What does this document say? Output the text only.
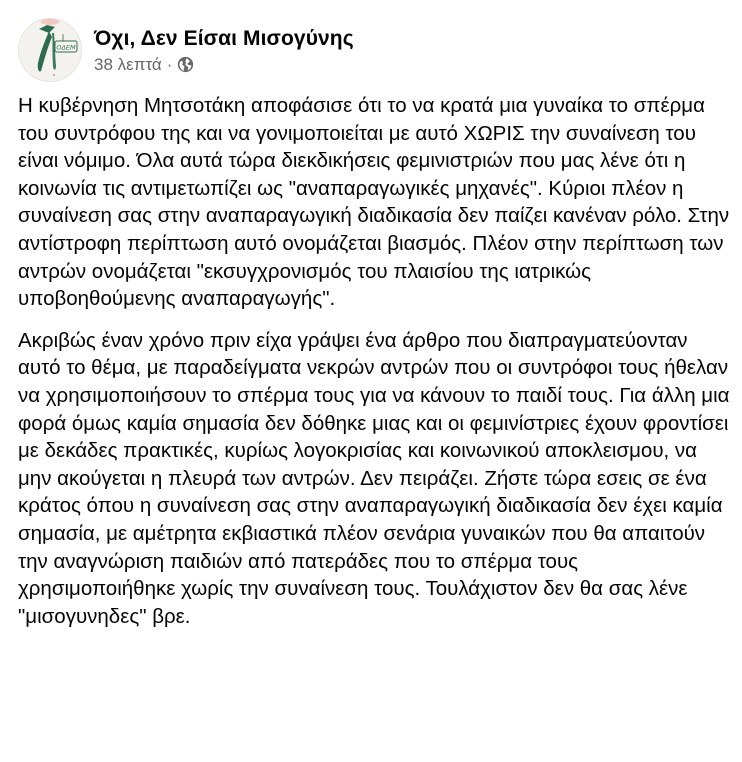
ΟΔΕΜ Όχι, Δεν Είσαι Μισογύνης
38 λεπτά ·

Η κυβέρνηση Μητσοτάκη αποφάσισε ότι το να κρατά μια γυναίκα το σπέρμα του συντρόφου της και να γονιμοποιείται με αυτό ΧΩΡΙΣ την συναίνεση του είναι νόμιμο. Όλα αυτά τώρα διεκδικήσεις φεμινιστριών που μας λένε ότι η κοινωνία τις αντιμετωπίζει ως "αναπαραγωγικές μηχανές". Κύριοι πλέον η συναίνεση σας στην αναπαραγωγική διαδικασία δεν παίζει κανέναν ρόλο. Στην αντίστροφη περίπτωση αυτό ονομάζεται βιασμός. Πλέον στην περίπτωση των αντρών ονομάζεται "εκσυγχρονισμός του πλαισίου της ιατρικώς υποβοηθούμενης αναπαραγωγής".

Ακριβώς έναν χρόνο πριν είχα γράψει ένα άρθρο που διαπραγματεύονταν αυτό το θέμα, με παραδείγματα νεκρών αντρών που οι συντρόφοι τους ήθελαν να χρησιμοποιήσουν το σπέρμα τους για να κάνουν το παιδί τους. Για άλλη μια φορά όμως καμία σημασία δεν δόθηκε μιας και οι φεμινίστριες έχουν φροντίσει με δεκάδες πρακτικές, κυρίως λογοκρισίας και κοινωνικού αποκλεισμου, να μην ακούγεται η πλευρά των αντρών. Δεν πειράζει. Ζήστε τώρα εσεις σε ένα κράτος όπου η συναίνεση σας στην αναπαραγωγική διαδικασία δεν έχει καμία σημασία, με αμέτρητα εκβιαστικά πλέον σενάρια γυναικών που θα απαιτούν την αναγνώριση παιδιών από πατεράδες που το σπέρμα τους χρησιμοποιήθηκε χωρίς την συναίνεση τους. Τουλάχιστον δεν θα σας λένε "μισογυνηδες" βρε.
